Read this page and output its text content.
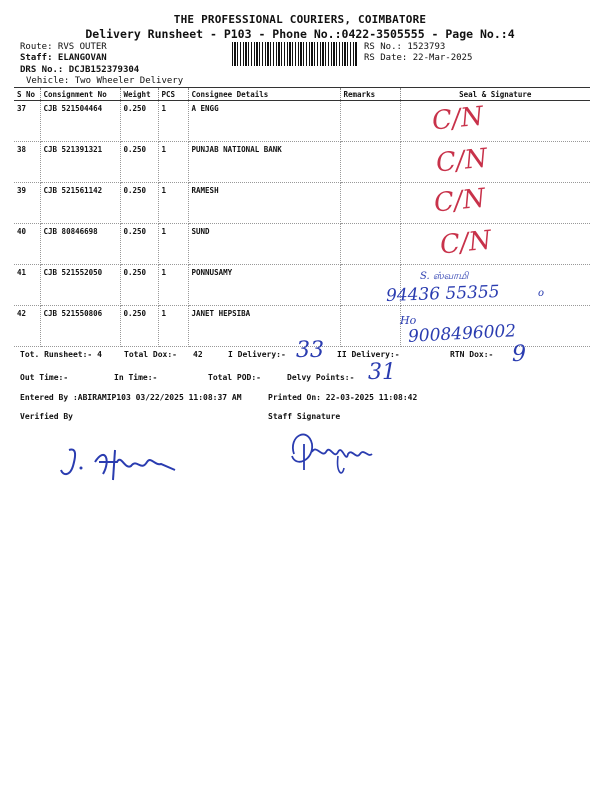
THE PROFESSIONAL COURIERS, COIMBATORE
Delivery Runsheet - P103 - Phone No.:0422-3505555 - Page No.:4
Route: RVS OUTER
Staff: ELANGOVAN
DRS No.: DCJB152379304
Vehicle: Two Wheeler Delivery
RS No.: 1523793
RS Date: 22-Mar-2025
S No	Consignment No	Weight	PCS	Consignee Details	Remarks	Seal & Signature
37	CJB 521504464	0.250	1	A ENGG		
38	CJB 521391321	0.250	1	PUNJAB NATIONAL BANK		
39	CJB 521561142	0.250	1	RAMESH		
40	CJB 80846698	0.250	1	SUND		
41	CJB 521552050	0.250	1	PONNUSAMY		
42	CJB 521550806	0.250	1	JANET HEPSIBA		
C/N
C/N
C/N
C/N
S. ஸ்வாமி
94436 55355	o
Ho
9008496002
Tot. Runsheet:- 4	Total Dox:- 42	I Delivery:- 33 II Delivery:-	RTN Dox:- 9
Out Time:-	In Time:-	Total POD:-	Delvy Points:- 31
Entered By :ABIRAMIP103 03/22/2025 11:08:37 AM	Printed On: 22-03-2025 11:08:42
Verified By	Staff Signature
